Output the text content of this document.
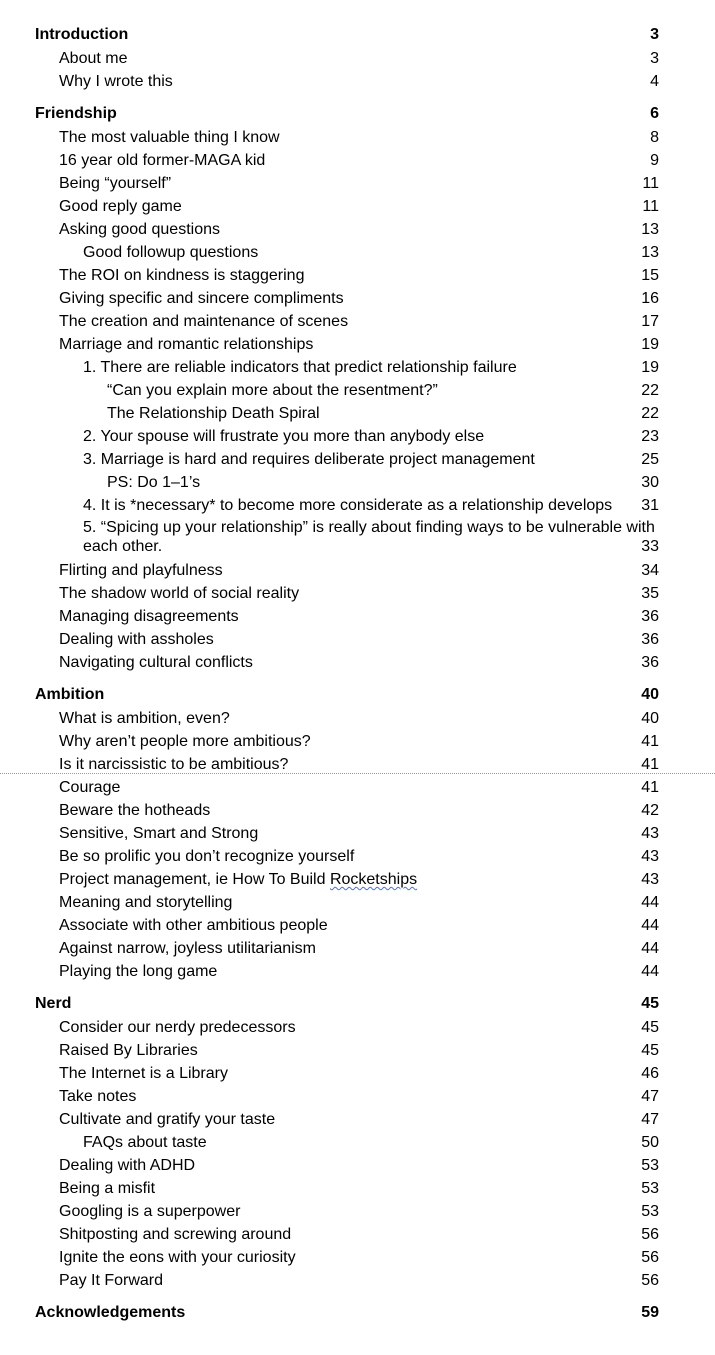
Introduction	3
About me	3
Why I wrote this	4
Friendship	6
The most valuable thing I know	8
16 year old former-MAGA kid	9
Being “yourself”	11
Good reply game	11
Asking good questions	13
Good followup questions	13
The ROI on kindness is staggering	15
Giving specific and sincere compliments	16
The creation and maintenance of scenes	17
Marriage and romantic relationships	19
1. There are reliable indicators that predict relationship failure	19
“Can you explain more about the resentment?”	22
The Relationship Death Spiral	22
2. Your spouse will frustrate you more than anybody else	23
3. Marriage is hard and requires deliberate project management	25
PS: Do 1–1’s	30
4. It is *necessary* to become more considerate as a relationship develops 31
5. “Spicing up your relationship” is really about finding ways to be vulnerable with each other.	33
Flirting and playfulness	34
The shadow world of social reality	35
Managing disagreements	36
Dealing with assholes	36
Navigating cultural conflicts	36
Ambition	40
What is ambition, even?	40
Why aren’t people more ambitious?	41
Is it narcissistic to be ambitious?	41
Courage	41
Beware the hotheads	42
Sensitive, Smart and Strong	43
Be so prolific you don’t recognize yourself	43
Project management, ie How To Build Rocketships	43
Meaning and storytelling	44
Associate with other ambitious people	44
Against narrow, joyless utilitarianism	44
Playing the long game	44
Nerd	45
Consider our nerdy predecessors	45
Raised By Libraries	45
The Internet is a Library	46
Take notes	47
Cultivate and gratify your taste	47
FAQs about taste	50
Dealing with ADHD	53
Being a misfit	53
Googling is a superpower	53
Shitposting and screwing around	56
Ignite the eons with your curiosity	56
Pay It Forward	56
Acknowledgements	59
